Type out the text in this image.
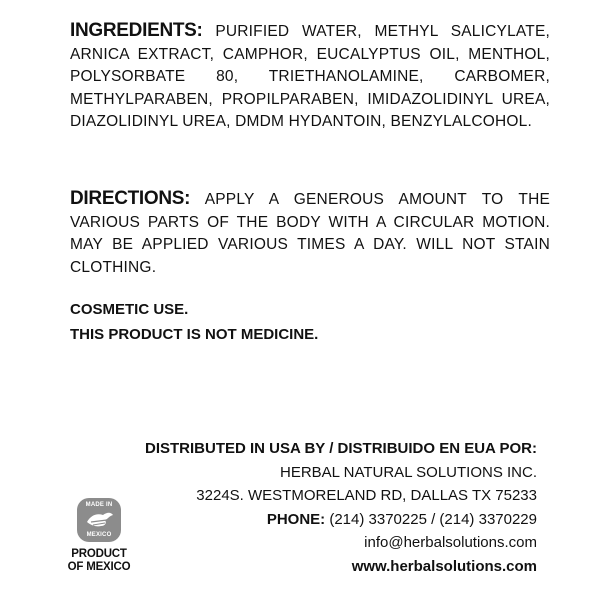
INGREDIENTS: PURIFIED WATER, METHYL SALICYLATE, ARNICA EXTRACT, CAMPHOR, EUCALYPTUS OIL, MENTHOL, POLYSORBATE 80, TRIETHANOLAMINE, CARBOMER, METHYLPARABEN, PROPILPARABEN, IMIDAZOLIDINYL UREA, DIAZOLIDINYL UREA, DMDM HYDANTOIN, BENZYLALCOHOL.
DIRECTIONS: APPLY A GENEROUS AMOUNT TO THE VARIOUS PARTS OF THE BODY WITH A CIRCULAR MOTION. MAY BE APPLIED VARIOUS TIMES A DAY. WILL NOT STAIN CLOTHING.
COSMETIC USE.
THIS PRODUCT IS NOT MEDICINE.
DISTRIBUTED IN USA BY / DISTRIBUIDO EN EUA POR:
HERBAL NATURAL SOLUTIONS INC.
3224S. WESTMORELAND RD, DALLAS TX 75233
PHONE: (214) 3370225 / (214) 3370229
info@herbalsolutions.com
www.herbalsolutions.com
MADE IN
MEXICO
PRODUCT
OF MEXICO
